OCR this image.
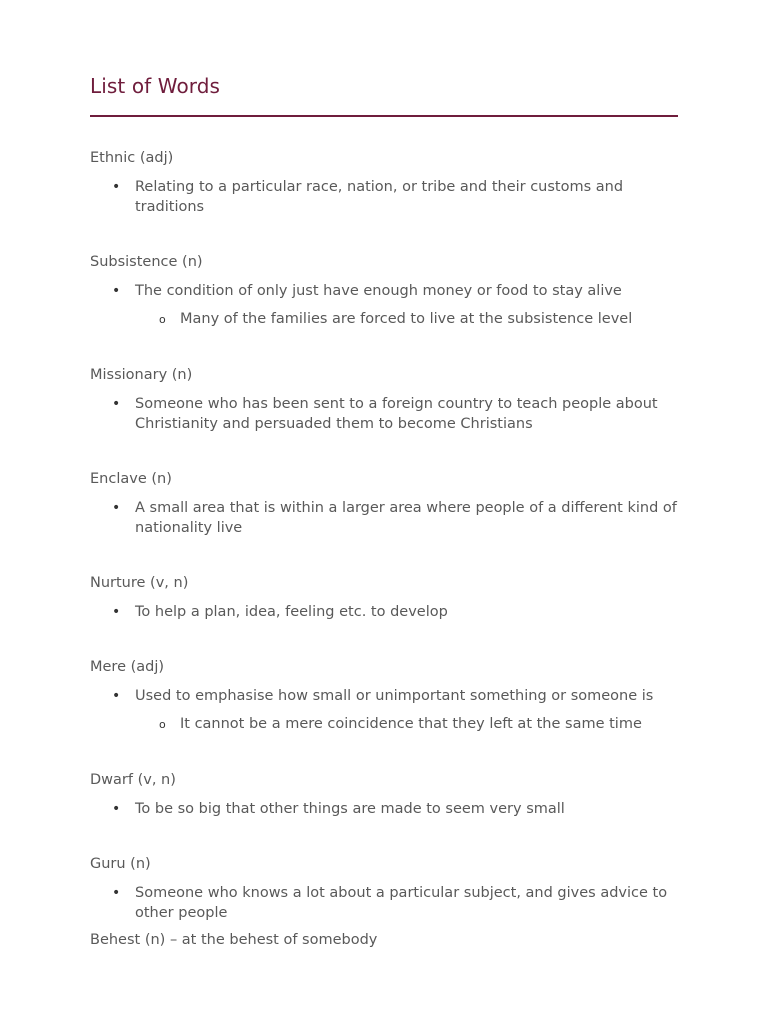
List of Words

Ethnic (adj)

• Relating to a particular race, nation, or tribe and their customs and traditions

Subsistence (n)

• The condition of only just have enough money or food to stay alive

o Many of the families are forced to live at the subsistence level

Missionary (n)

• Someone who has been sent to a foreign country to teach people about Christianity and persuaded them to become Christians

Enclave (n)

• A small area that is within a larger area where people of a different kind of nationality live

Nurture (v, n)

• To help a plan, idea, feeling etc. to develop

Mere (adj)

• Used to emphasise how small or unimportant something or someone is

o It cannot be a mere coincidence that they left at the same time

Dwarf (v, n)

• To be so big that other things are made to seem very small

Guru (n)

• Someone who knows a lot about a particular subject, and gives advice to other people

Behest (n) – at the behest of somebody
